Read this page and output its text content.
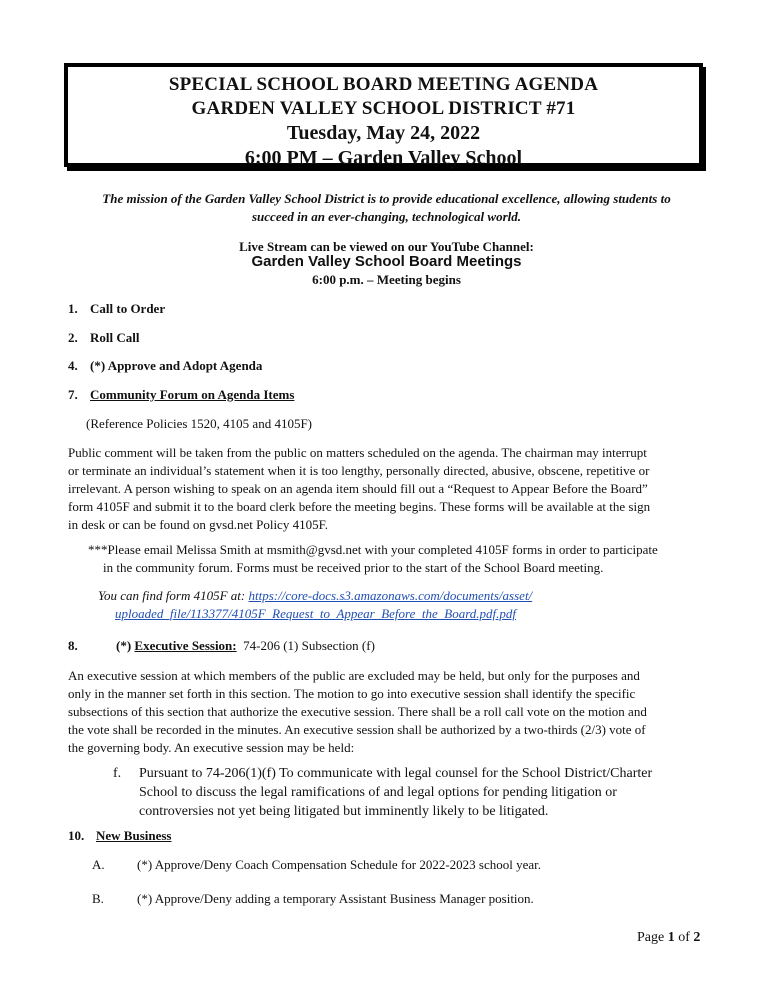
SPECIAL SCHOOL BOARD MEETING AGENDA
GARDEN VALLEY SCHOOL DISTRICT #71
Tuesday, May 24, 2022
6:00 PM – Garden Valley School
The mission of the Garden Valley School District is to provide educational excellence, allowing students to
succeed in an ever-changing, technological world.
Live Stream can be viewed on our YouTube Channel:
Garden Valley School Board Meetings
6:00 p.m. – Meeting begins
1. Call to Order
2. Roll Call
4. (*) Approve and Adopt Agenda
7. Community Forum on Agenda Items
(Reference Policies 1520, 4105 and 4105F)
Public comment will be taken from the public on matters scheduled on the agenda. The chairman may interrupt
or terminate an individual’s statement when it is too lengthy, personally directed, abusive, obscene, repetitive or
irrelevant. A person wishing to speak on an agenda item should fill out a “Request to Appear Before the Board”
form 4105F and submit it to the board clerk before the meeting begins. These forms will be available at the sign
in desk or can be found on gvsd.net Policy 4105F.
***Please email Melissa Smith at msmith@gvsd.net with your completed 4105F forms in order to participate
in the community forum. Forms must be received prior to the start of the School Board meeting.
You can find form 4105F at: https://core-docs.s3.amazonaws.com/documents/asset/
uploaded_file/113377/4105F_Request_to_Appear_Before_the_Board.pdf.pdf
8.	(*) Executive Session:  74-206 (1) Subsection (f)
An executive session at which members of the public are excluded may be held, but only for the purposes and
only in the manner set forth in this section. The motion to go into executive session shall identify the specific
subsections of this section that authorize the executive session. There shall be a roll call vote on the motion and
the vote shall be recorded in the minutes. An executive session shall be authorized by a two-thirds (2/3) vote of
the governing body. An executive session may be held:
f. Pursuant to 74-206(1)(f) To communicate with legal counsel for the School District/Charter
School to discuss the legal ramifications of and legal options for pending litigation or
controversies not yet being litigated but imminently likely to be litigated.
10. New Business
A. (*) Approve/Deny Coach Compensation Schedule for 2022-2023 school year.
B.	(*) Approve/Deny adding a temporary Assistant Business Manager position.
Page 1 of 2
